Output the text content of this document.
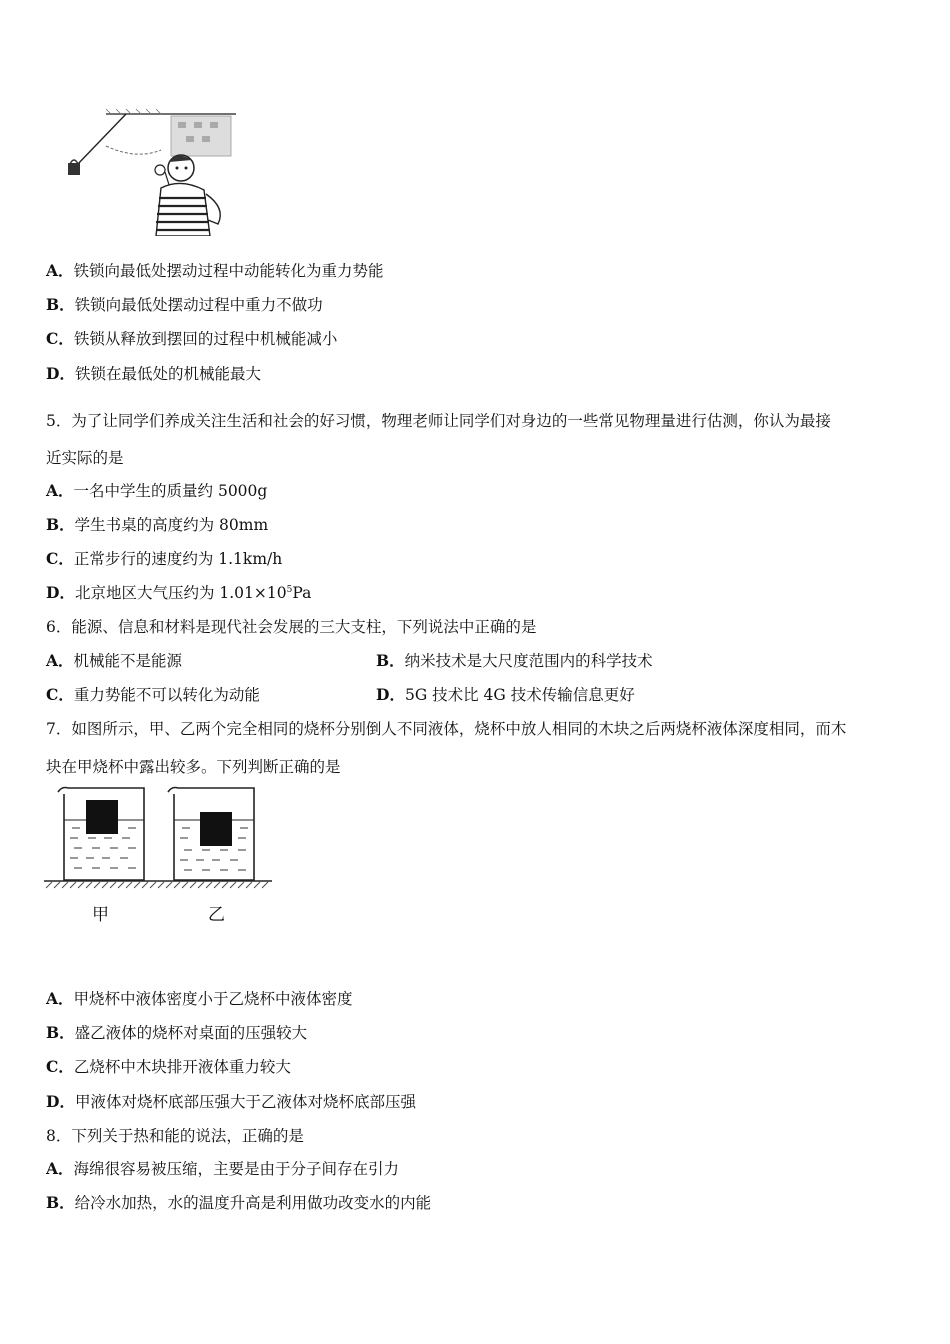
A．铁锁向最低处摆动过程中动能转化为重力势能
B．铁锁向最低处摆动过程中重力不做功
C．铁锁从释放到摆回的过程中机械能减小
D．铁锁在最低处的机械能最大
5．为了让同学们养成关注生活和社会的好习惯，物理老师让同学们对身边的一些常见物理量进行估测，你认为最接
近实际的是
A．一名中学生的质量约 5000g
B．学生书桌的高度约为 80mm
C．正常步行的速度约为 1.1km/h
D．北京地区大气压约为 $1.01\times 10^5Pa$
6．能源、信息和材料是现代社会发展的三大支柱，下列说法中正确的是
A．机械能不是能源	B．纳米技术是大尺度范围内的科学技术
C．重力势能不可以转化为动能	D．5G 技术比 4G 技术传输信息更好
7．如图所示，甲、乙两个完全相同的烧杯分别倒人不同液体，烧杯中放人相同的木块之后两烧杯液体深度相同，而木
块在甲烧杯中露出较多。下列判断正确的是
甲	乙
A．甲烧杯中液体密度小于乙烧杯中液体密度
B．盛乙液体的烧杯对桌面的压强较大
C．乙烧杯中木块排开液体重力较大
D．甲液体对烧杯底部压强大于乙液体对烧杯底部压强
8．下列关于热和能的说法，正确的是
A．海绵很容易被压缩，主要是由于分子间存在引力
B．给冷水加热，水的温度升高是利用做功改变水的内能
